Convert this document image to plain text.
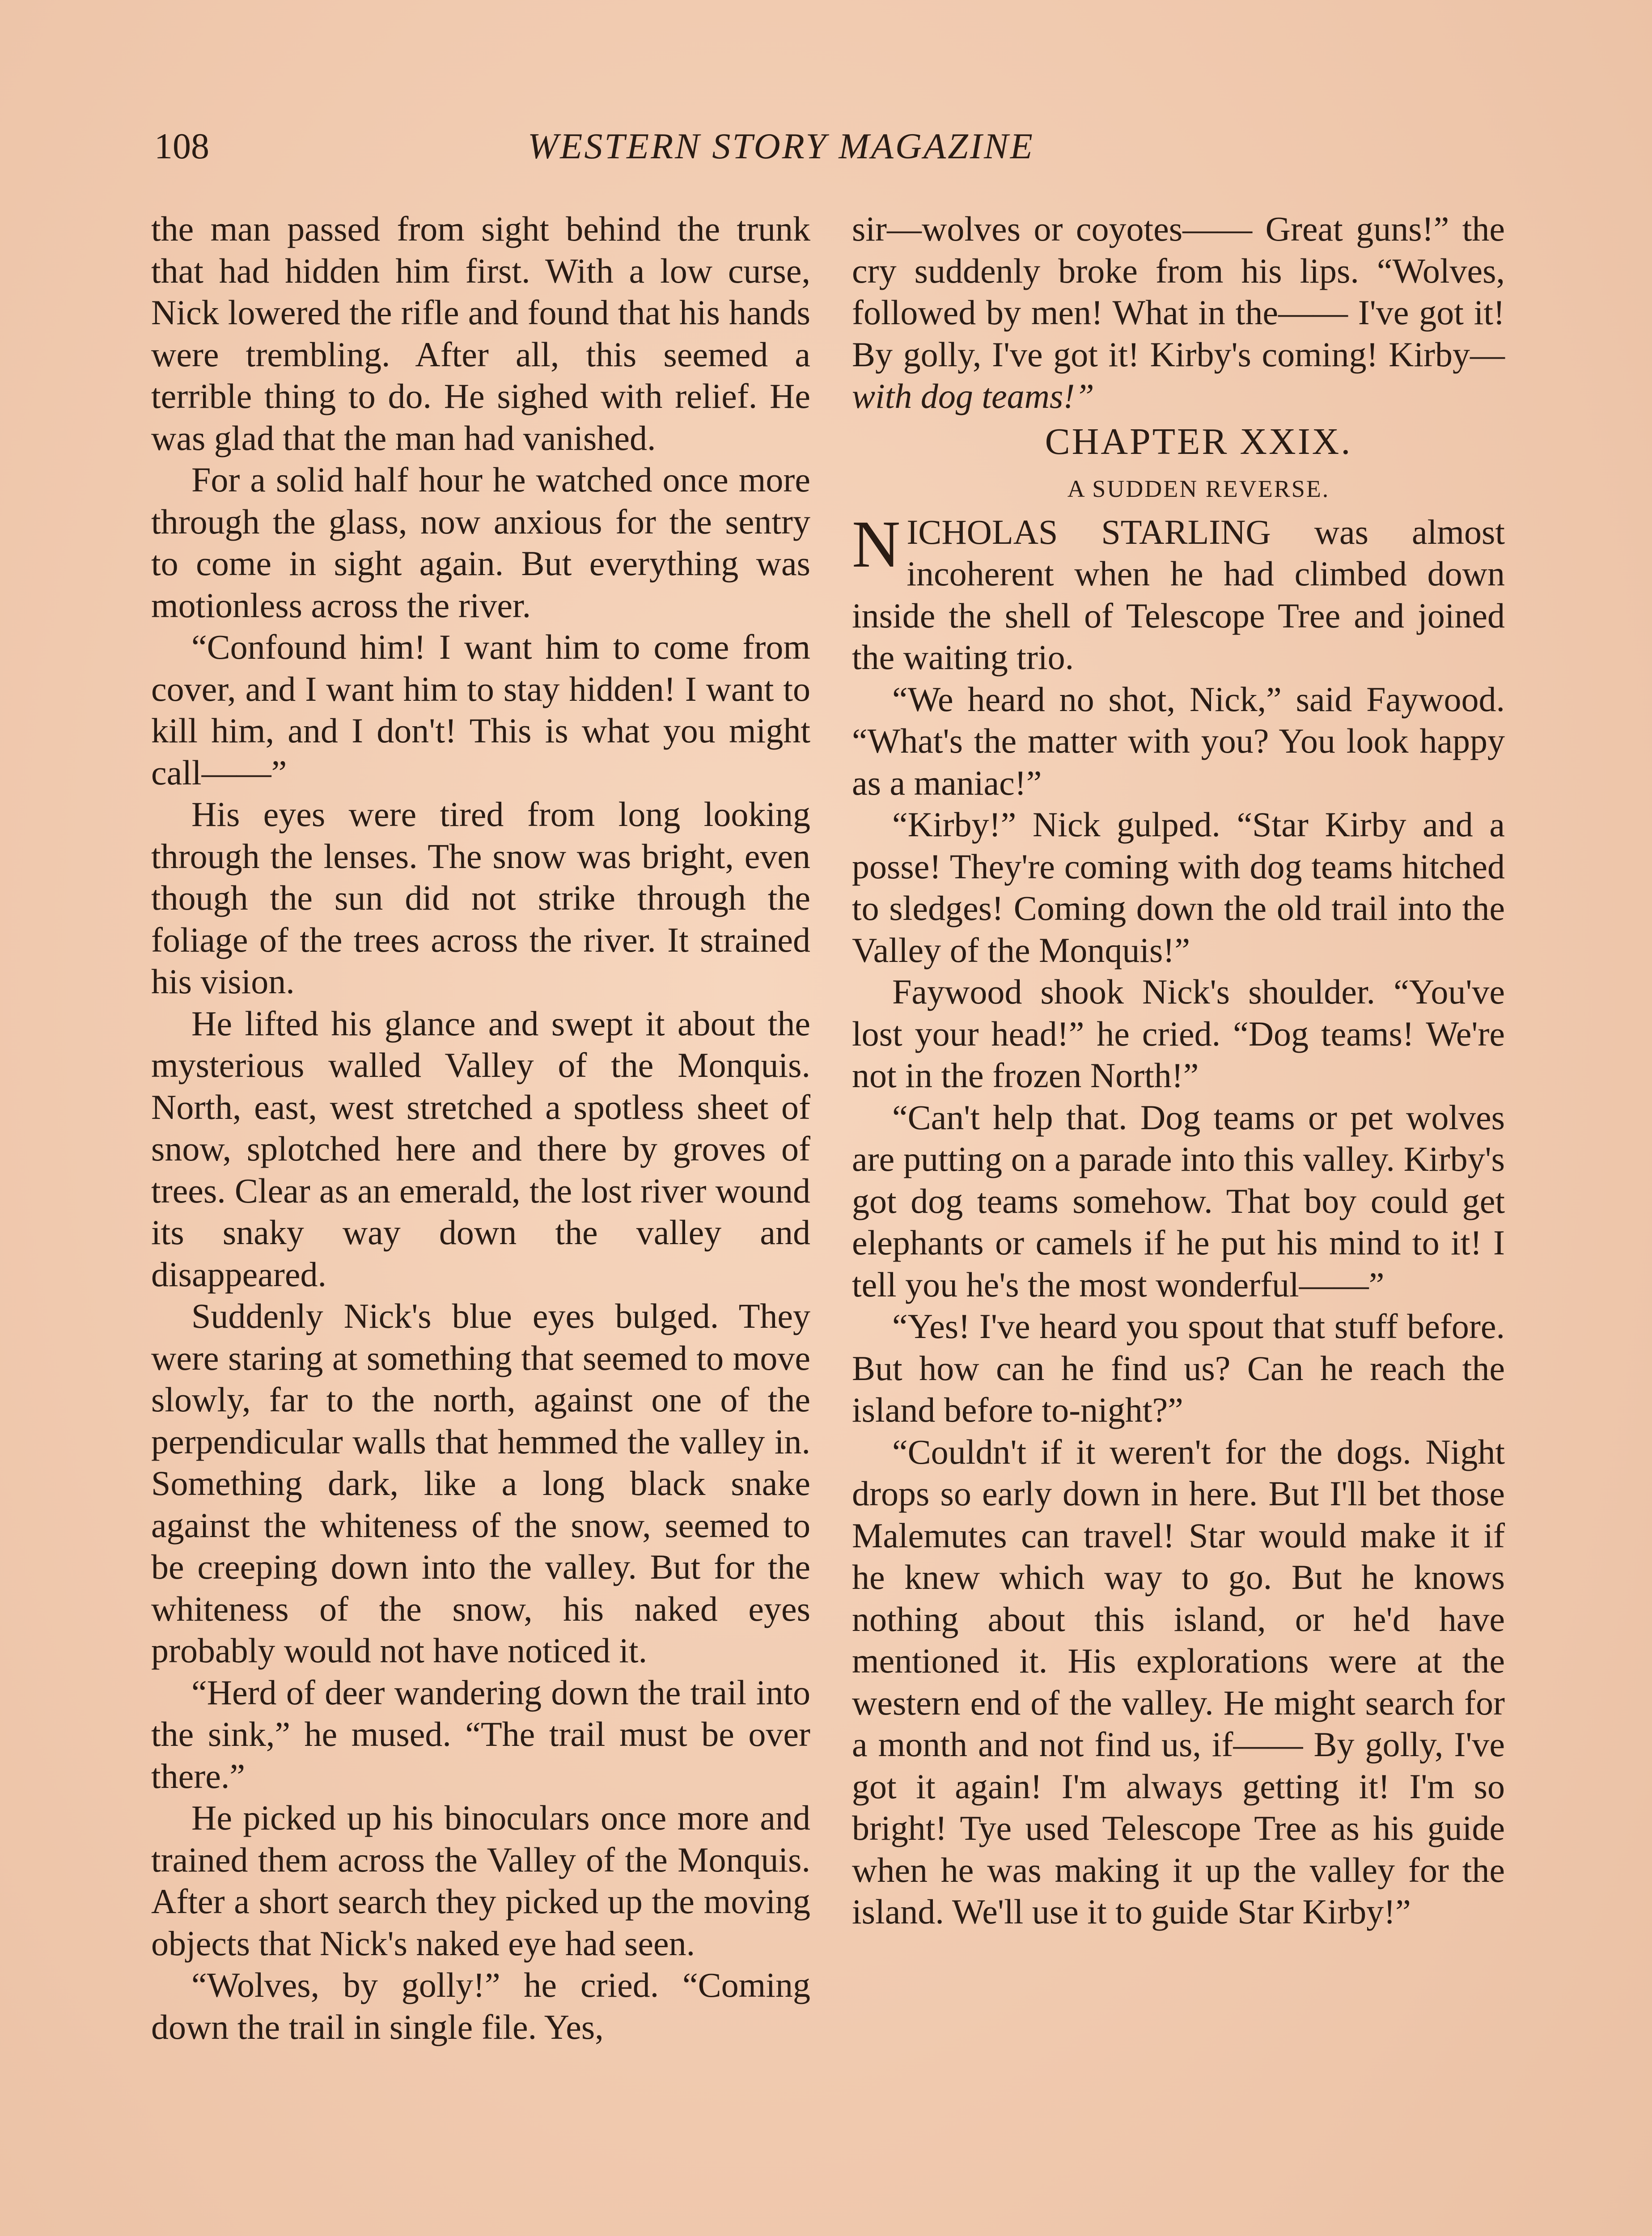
108	WESTERN STORY MAGAZINE

the man passed from sight behind the trunk that had hidden him first. With a low curse, Nick lowered the rifle and found that his hands were trembling. After all, this seemed a terrible thing to do. He sighed with relief. He was glad that the man had vanished.

For a solid half hour he watched once more through the glass, now anxious for the sentry to come in sight again. But everything was motionless across the river.

“Confound him! I want him to come from cover, and I want him to stay hidden! I want to kill him, and I don't! This is what you might call——”

His eyes were tired from long looking through the lenses. The snow was bright, even though the sun did not strike through the foliage of the trees across the river. It strained his vision.

He lifted his glance and swept it about the mysterious walled Valley of the Monquis. North, east, west stretched a spotless sheet of snow, splotched here and there by groves of trees. Clear as an emerald, the lost river wound its snaky way down the valley and disappeared.

Suddenly Nick's blue eyes bulged. They were staring at something that seemed to move slowly, far to the north, against one of the perpendicular walls that hemmed the valley in. Something dark, like a long black snake against the whiteness of the snow, seemed to be creeping down into the valley. But for the whiteness of the snow, his naked eyes probably would not have noticed it.

“Herd of deer wandering down the trail into the sink,” he mused. “The trail must be over there.”

He picked up his binoculars once more and trained them across the Valley of the Monquis. After a short search they picked up the moving objects that Nick's naked eye had seen.

“Wolves, by golly!” he cried. “Coming down the trail in single file. Yes,

sir—wolves or coyotes—— Great guns!” the cry suddenly broke from his lips. “Wolves, followed by men! What in the—— I've got it! By golly, I've got it! Kirby's coming! Kirby— with dog teams!”

CHAPTER XXIX.

A SUDDEN REVERSE.

NICHOLAS STARLING was almost incoherent when he had climbed down inside the shell of Telescope Tree and joined the waiting trio.

“We heard no shot, Nick,” said Faywood. “What's the matter with you? You look happy as a maniac!”

“Kirby!” Nick gulped. “Star Kirby and a posse! They're coming with dog teams hitched to sledges! Coming down the old trail into the Valley of the Monquis!”

Faywood shook Nick's shoulder. “You've lost your head!” he cried. “Dog teams! We're not in the frozen North!”

“Can't help that. Dog teams or pet wolves are putting on a parade into this valley. Kirby's got dog teams somehow. That boy could get elephants or camels if he put his mind to it! I tell you he's the most wonderful——”

“Yes! I've heard you spout that stuff before. But how can he find us? Can he reach the island before to-night?”

“Couldn't if it weren't for the dogs. Night drops so early down in here. But I'll bet those Malemutes can travel! Star would make it if he knew which way to go. But he knows nothing about this island, or he'd have mentioned it. His explorations were at the western end of the valley. He might search for a month and not find us, if—— By golly, I've got it again! I'm always getting it! I'm so bright! Tye used Telescope Tree as his guide when he was making it up the valley for the island. We'll use it to guide Star Kirby!”
